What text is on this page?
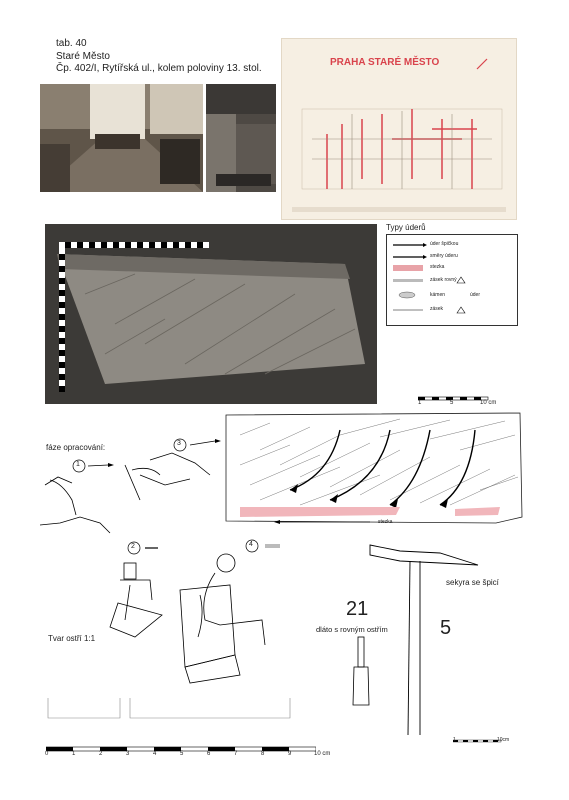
tab. 40
Staré Město
Čp. 402/I, Rytířská ul., kolem poloviny 13. stol.
PRAHA STARÉ MĚSTO
Typy úderů
úder špičkou
směry úderu
stezka
zásek rovný
kámen	úder
zásek
1	5	10 cm
fáze opracování:
stezka
1
3
2	4
sekyra se špicí
21
5
dláto s rovným ostřím
Tvar ostří 1:1
0	1	2	3	4	5	6	7	8	9	10 cm
1	10cm
